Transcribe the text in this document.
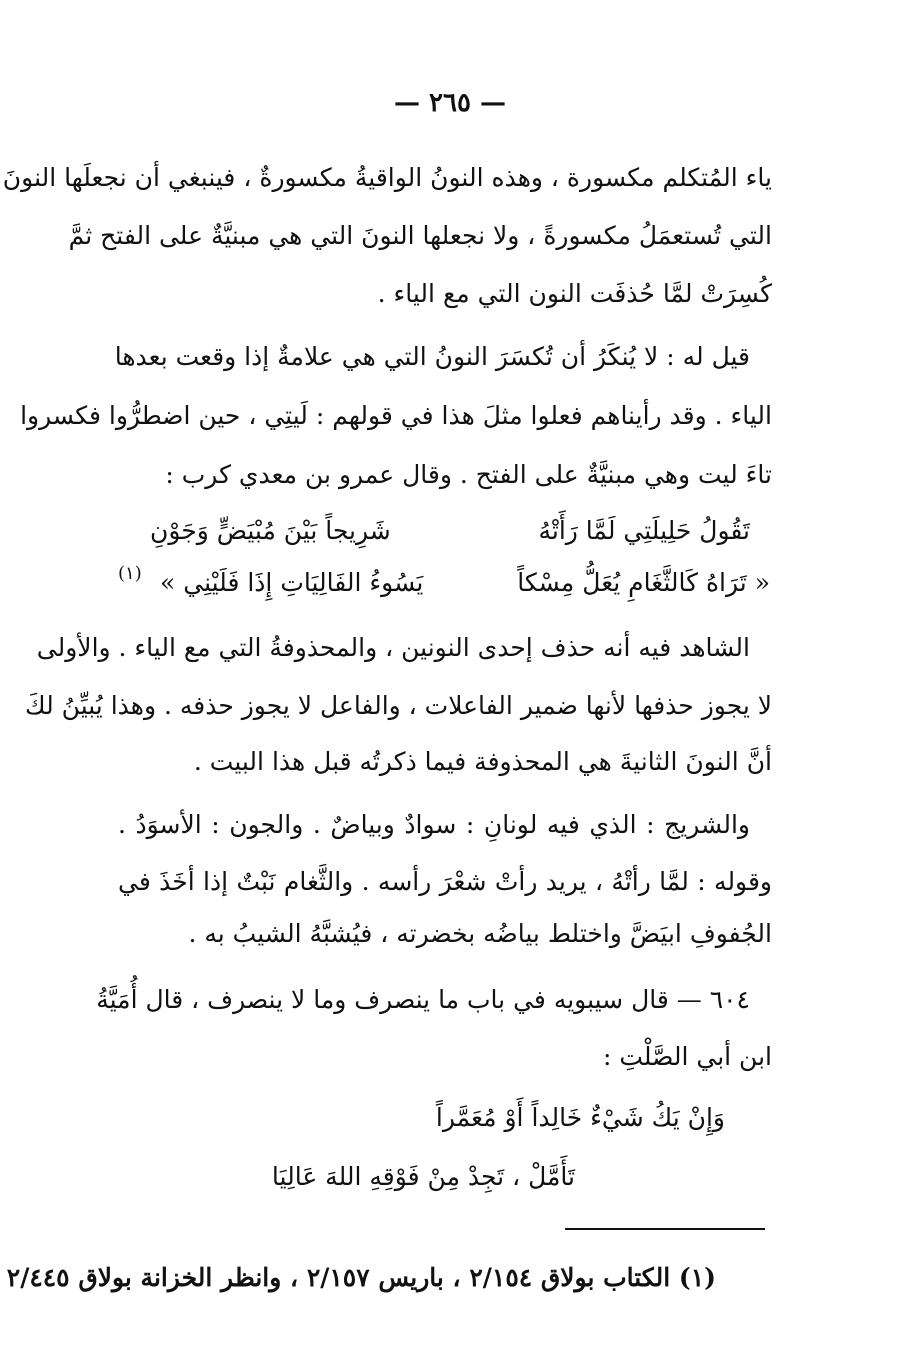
— ٢٦٥ —
ياء المُتكلم مكسورة ، وهذه النونُ الواقيةُ مكسورةٌ ، فينبغي أن نجعلَها النونَ
التي تُستعمَلُ مكسورةً ، ولا نجعلها النونَ التي هي مبنيَّةٌ على الفتح ثمَّ
كُسِرَتْ لمَّا حُذفَت النون التي مع الياء .
قيل له : لا يُنكَرُ أن تُكسَرَ النونُ التي هي علامةٌ إذا وقعت بعدها
الياء . وقد رأيناهم فعلوا مثلَ هذا في قولهم : لَيتِي ، حين اضطرُّوا فكسروا
تاءَ ليت وهي مبنيَّةٌ على الفتح . وقال عمرو بن معدي كرب :
تَقُولُ حَلِيلَتِي لَمَّا رَأَتْهُ
شَرِيجاً بَيْنَ مُبْيَضٍّ وَجَوْنِ
« تَرَاهُ كَالثَّغَامِ يُعَلُّ مِسْكاً
يَسُوءُ الفَالِيَاتِ إِذَا فَلَيْنِي »
(١)
الشاهد فيه أنه حذف إحدى النونين ، والمحذوفةُ التي مع الياء . والأولى
لا يجوز حذفها لأنها ضمير الفاعلات ، والفاعل لا يجوز حذفه . وهذا يُبيِّنُ لكَ
أنَّ النونَ الثانيةَ هي المحذوفة فيما ذكرتُه قبل هذا البيت .
والشريج : الذي فيه لونانِ : سوادٌ وبياضٌ . والجون : الأسوَدُ .
وقوله : لمَّا رأتْهُ ، يريد رأتْ شعْرَ رأسه . والثَّغام نَبْتٌ إذا أخَذَ في
الجُفوفِ ابيَضَّ واختلط بياضُه بخضرته ، فيُشبَّهُ الشيبُ به .
٦٠٤ — قال سيبويه في باب ما ينصرف وما لا ينصرف ، قال أُمَيَّةُ
ابن أبي الصَّلْتِ :
وَإِنْ يَكُ شَيْءٌ خَالِداً أَوْ مُعَمَّراً
تَأَمَّلْ ، تَجِدْ مِنْ فَوْقِهِ اللهَ عَالِيَا
(١) الكتاب بولاق ٢/١٥٤ ، باريس ٢/١٥٧ ، وانظر الخزانة بولاق ٢/٤٤٥
